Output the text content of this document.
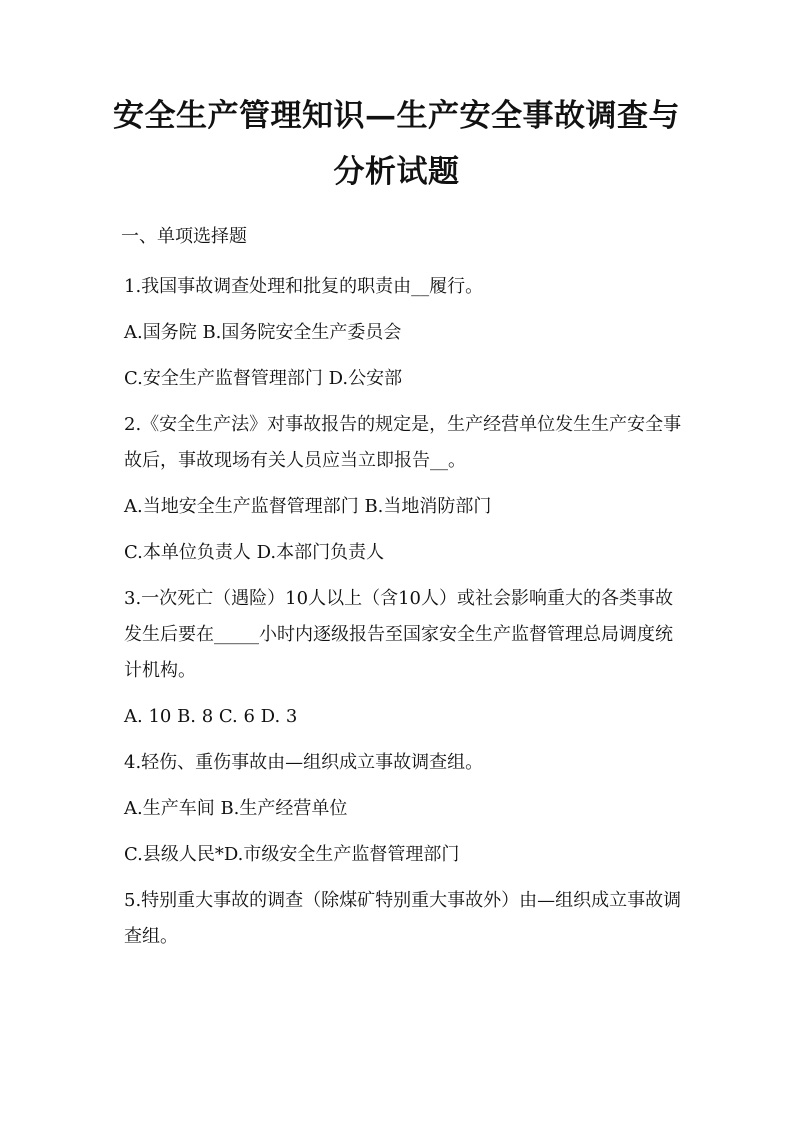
安全生产管理知识—生产安全事故调查与
分析试题
一、单项选择题
1.我国事故调查处理和批复的职责由__履行。
A.国务院 B.国务院安全生产委员会
C.安全生产监督管理部门 D.公安部
2.《安全生产法》对事故报告的规定是，生产经营单位发生生产安全事故后，事故现场有关人员应当立即报告__。
A.当地安全生产监督管理部门 B.当地消防部门
C.本单位负责人 D.本部门负责人
3.一次死亡（遇险）10人以上（含10人）或社会影响重大的各类事故发生后要在_____小时内逐级报告至国家安全生产监督管理总局调度统计机构。
A. 10 B. 8 C. 6 D. 3
4.轻伤、重伤事故由—组织成立事故调查组。
A.生产车间 B.生产经营单位
C.县级人民*D.市级安全生产监督管理部门
5.特别重大事故的调查（除煤矿特别重大事故外）由—组织成立事故调查组。
